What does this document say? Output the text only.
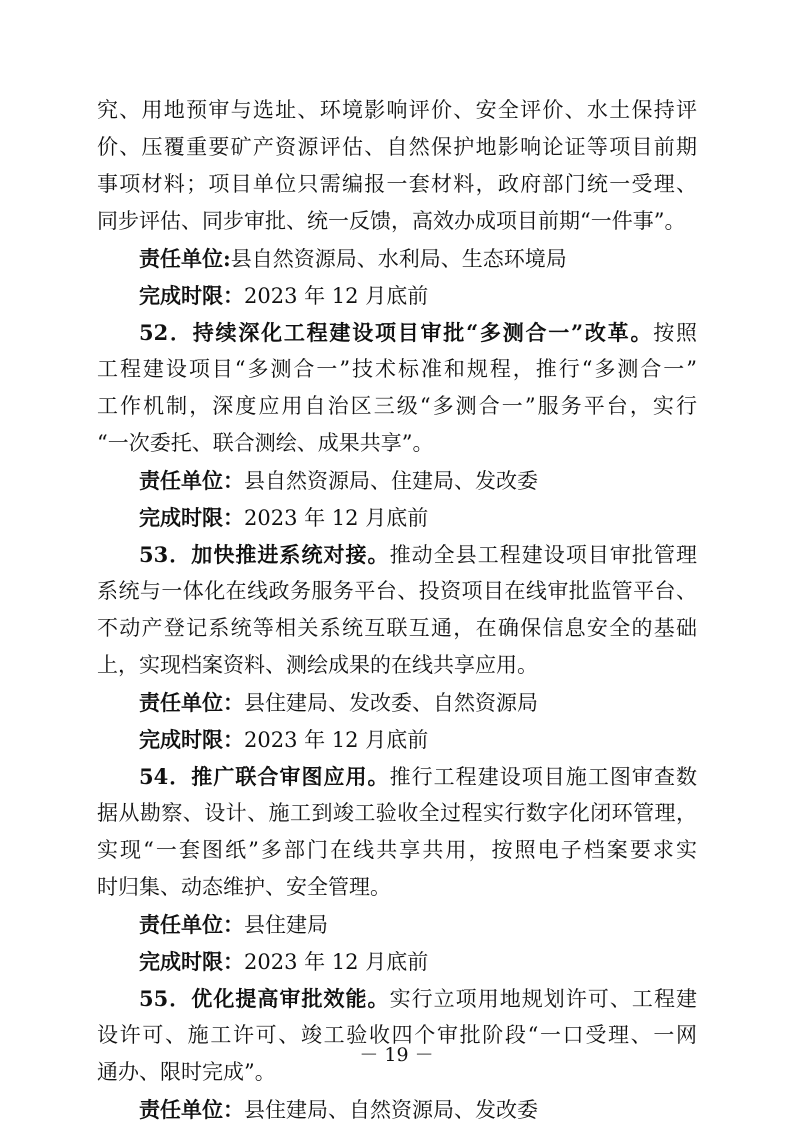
究、用地预审与选址、环境影响评价、安全评价、水土保持评
价、压覆重要矿产资源评估、自然保护地影响论证等项目前期
事项材料；项目单位只需编报一套材料，政府部门统一受理、
同步评估、同步审批、统一反馈，高效办成项目前期“一件事”。
责任单位:县自然资源局、水利局、生态环境局
完成时限：2023 年 12 月底前
52．持续深化工程建设项目审批“多测合一”改革。按照
工程建设项目“多测合一”技术标准和规程，推行“多测合一”
工作机制，深度应用自治区三级“多测合一”服务平台，实行
“一次委托、联合测绘、成果共享”。
责任单位：县自然资源局、住建局、发改委
完成时限：2023 年 12 月底前
53．加快推进系统对接。推动全县工程建设项目审批管理
系统与一体化在线政务服务平台、投资项目在线审批监管平台、
不动产登记系统等相关系统互联互通，在确保信息安全的基础
上，实现档案资料、测绘成果的在线共享应用。
责任单位：县住建局、发改委、自然资源局
完成时限：2023 年 12 月底前
54．推广联合审图应用。推行工程建设项目施工图审查数
据从勘察、设计、施工到竣工验收全过程实行数字化闭环管理，
实现“一套图纸”多部门在线共享共用，按照电子档案要求实
时归集、动态维护、安全管理。
责任单位：县住建局
完成时限：2023 年 12 月底前
55．优化提高审批效能。实行立项用地规划许可、工程建
设许可、施工许可、竣工验收四个审批阶段“一口受理、一网
通办、限时完成”。
责任单位：县住建局、自然资源局、发改委
－ 19 －
